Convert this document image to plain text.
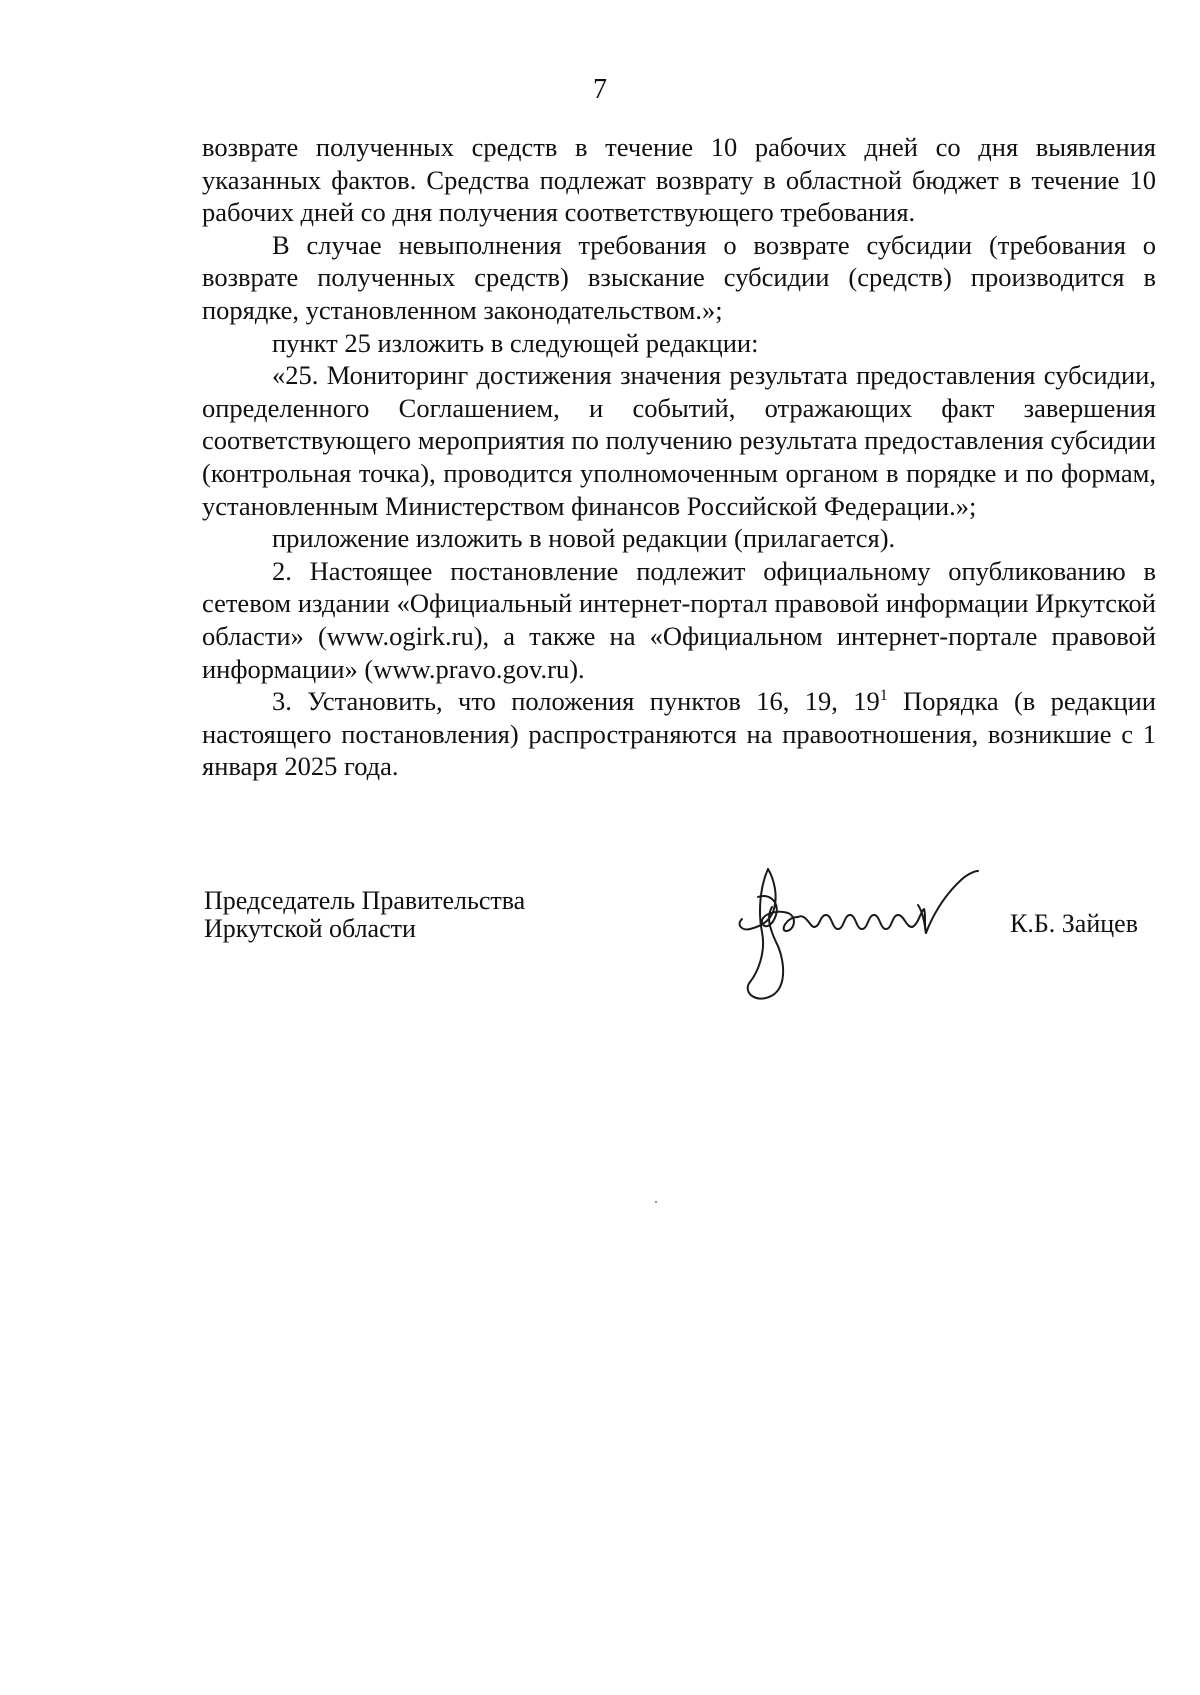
7

возврате полученных средств в течение 10 рабочих дней со дня выявления указанных фактов. Средства подлежат возврату в областной бюджет в течение 10 рабочих дней со дня получения соответствующего требования.

В случае невыполнения требования о возврате субсидии (требования о возврате полученных средств) взыскание субсидии (средств) производится в порядке, установленном законодательством.»;

пункт 25 изложить в следующей редакции:

«25. Мониторинг достижения значения результата предоставления субсидии, определенного Соглашением, и событий, отражающих факт завершения соответствующего мероприятия по получению результата предоставления субсидии (контрольная точка), проводится уполномоченным органом в порядке и по формам, установленным Министерством финансов Российской Федерации.»;

приложение изложить в новой редакции (прилагается).

2. Настоящее постановление подлежит официальному опубликованию в сетевом издании «Официальный интернет-портал правовой информации Иркутской области» (www.ogirk.ru), а также на «Официальном интернет-портале правовой информации» (www.pravo.gov.ru).

3. Установить, что положения пунктов 16, 19, $19^1$ Порядка (в редакции настоящего постановления) распространяются на правоотношения, возникшие с 1 января 2025 года.

Председатель Правительства
Иркутской области	К.Б. Зайцев
